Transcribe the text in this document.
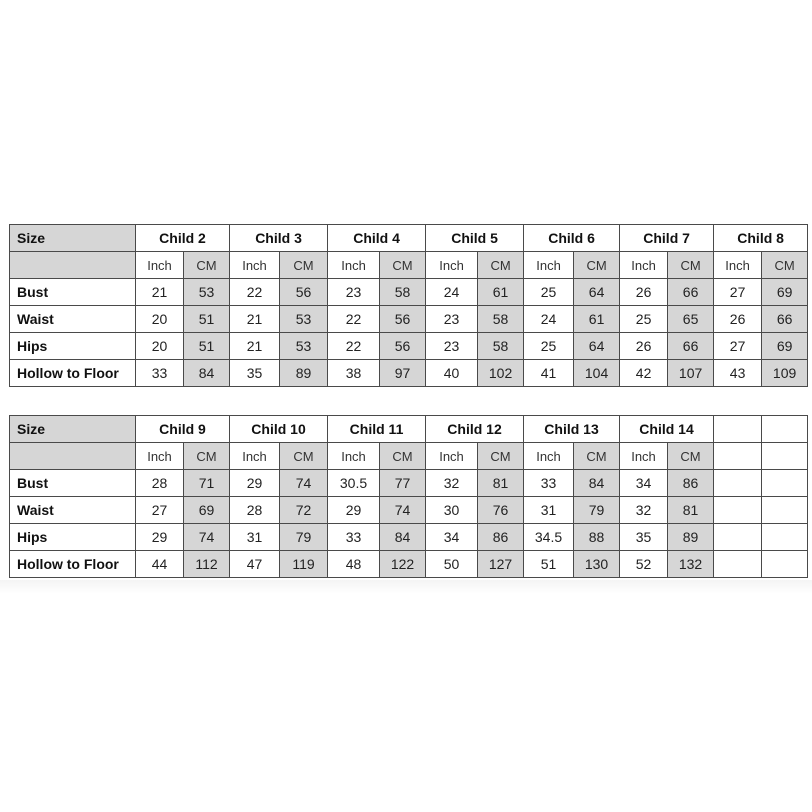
Size	Child 2		Child 3		Child 4		Child 5		Child 6		Child 7		Child 8	
	Inch	CM	Inch	CM	Inch	CM	Inch	CM	Inch	CM	Inch	CM	Inch	CM
Bust	21	53	22	56	23	58	24	61	25	64	26	66	27	69
Waist	20	51	21	53	22	56	23	58	24	61	25	65	26	66
Hips	20	51	21	53	22	56	23	58	25	64	26	66	27	69
Hollow to Floor	33	84	35	89	38	97	40	102	41	104	42	107	43	109
Size	Child 9		Child 10		Child 11		Child 12		Child 13		Child 14			
	Inch	CM	Inch	CM	Inch	CM	Inch	CM	Inch	CM	Inch	CM		
Bust	28	71	29	74	30.5	77	32	81	33	84	34	86		
Waist	27	69	28	72	29	74	30	76	31	79	32	81		
Hips	29	74	31	79	33	84	34	86	34.5	88	35	89		
Hollow to Floor	44	112	47	119	48	122	50	127	51	130	52	132		
